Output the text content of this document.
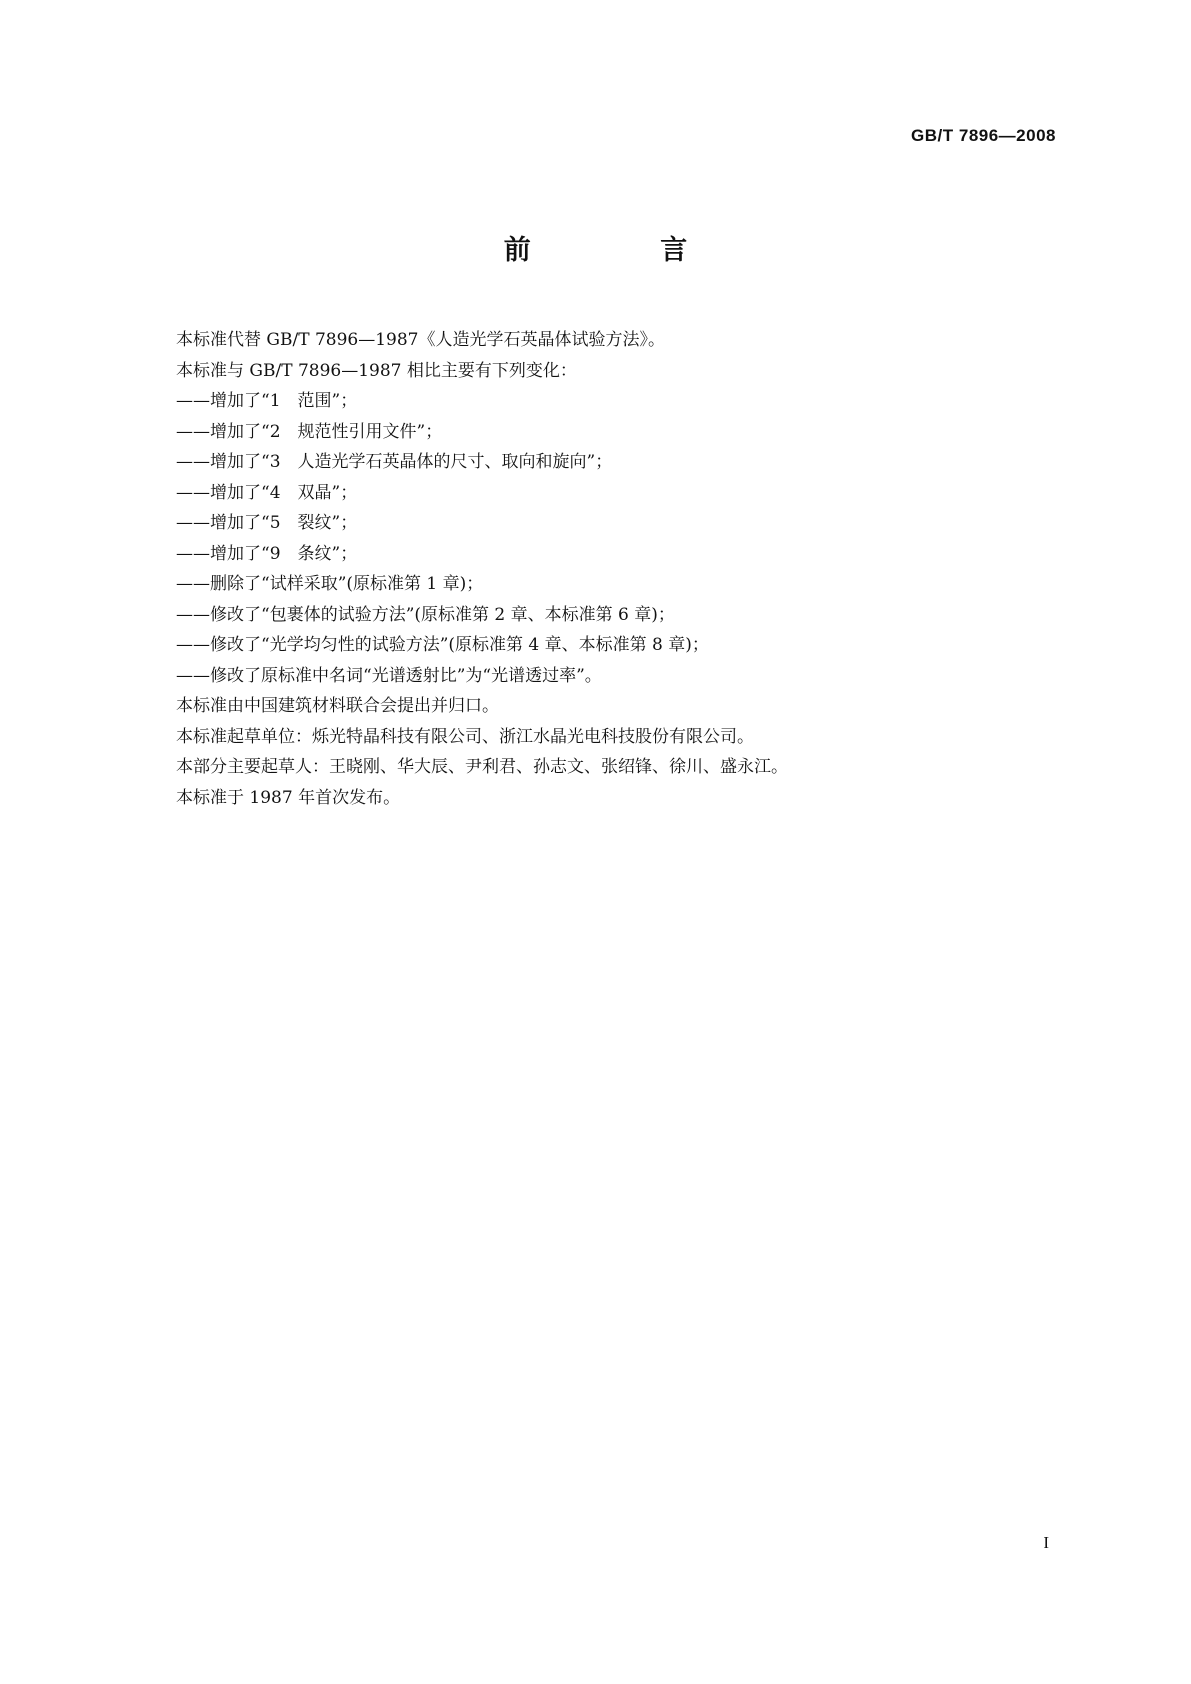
GB/T 7896—2008
前 言
本标准代替 GB/T 7896—1987《人造光学石英晶体试验方法》。
本标准与 GB/T 7896—1987 相比主要有下列变化：
——增加了“1　范围”；
——增加了“2　规范性引用文件”；
——增加了“3　人造光学石英晶体的尺寸、取向和旋向”；
——增加了“4　双晶”；
——增加了“5　裂纹”；
——增加了“9　条纹”；
——删除了“试样采取”(原标准第 1 章)；
——修改了“包裹体的试验方法”(原标准第 2 章、本标准第 6 章)；
——修改了“光学均匀性的试验方法”(原标准第 4 章、本标准第 8 章)；
——修改了原标准中名词“光谱透射比”为“光谱透过率”。
本标准由中国建筑材料联合会提出并归口。
本标准起草单位：烁光特晶科技有限公司、浙江水晶光电科技股份有限公司。
本部分主要起草人：王晓刚、华大辰、尹利君、孙志文、张绍锋、徐川、盛永江。
本标准于 1987 年首次发布。
I
